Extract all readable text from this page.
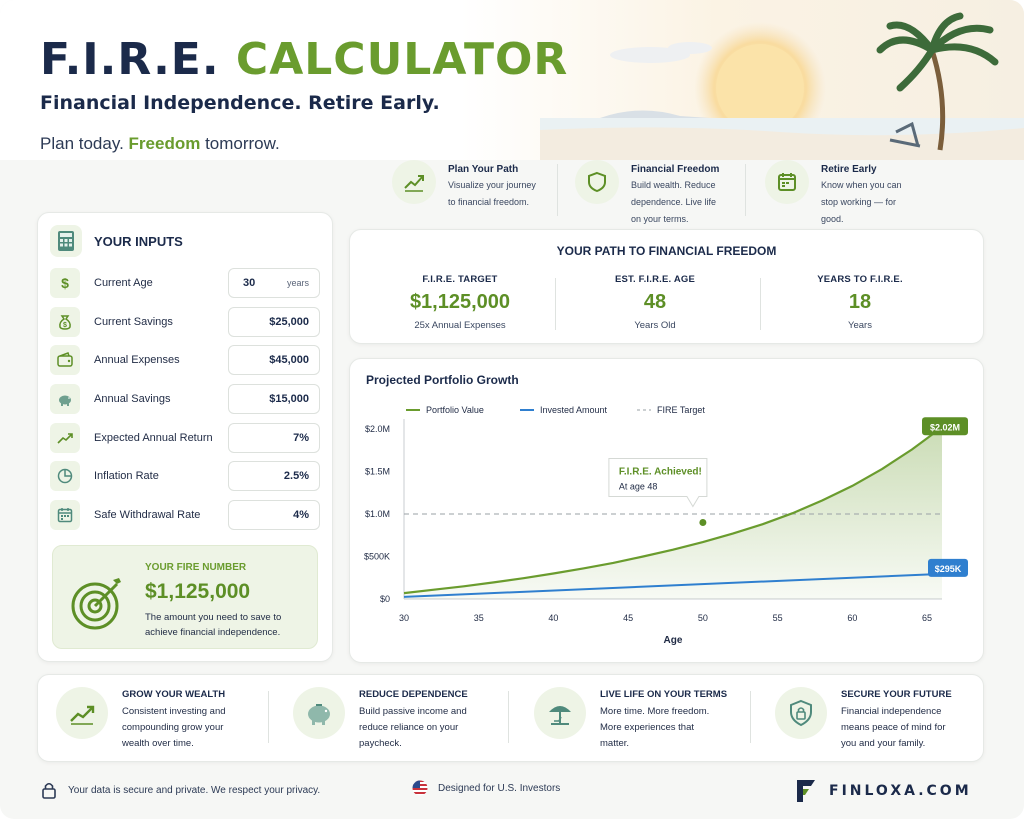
F.I.R.E. CALCULATOR
Financial Independence. Retire Early.
Plan today. Freedom tomorrow.
Plan Your Path
Visualize your journey
to financial freedom.
Financial Freedom
Build wealth. Reduce
dependence. Live life
on your terms.
Retire Early
Know when you can
stop working — for
good.
YOUR INPUTS
$ Current Age	30	years
$ Current Savings	$25,000
Annual Expenses	$45,000
Annual Savings	$15,000
Expected Annual Return	7%
Inflation Rate	2.5%
Safe Withdrawal Rate	4%
YOUR FIRE NUMBER
$1,125,000
The amount you need to save to achieve financial independence.
YOUR PATH TO FINANCIAL FREEDOM
F.I.R.E. TARGET
$1,125,000
25x Annual Expenses
EST. F.I.R.E. AGE
48
Years Old
YEARS TO F.I.R.E.
18
Years
Projected Portfolio Growth
$0
$500K
$1.0M
$1.5M
$2.0M
30	35	40	45	50	55	60	65
Age
Portfolio Value	Invested Amount	FIRE Target
$2.02M
$295K
F.I.R.E. Achieved!
At age 48
GROW YOUR WEALTH
Consistent investing and
compounding grow your
wealth over time.
REDUCE DEPENDENCE
Build passive income and
reduce reliance on your
paycheck.
LIVE LIFE ON YOUR TERMS
More time. More freedom.
More experiences that
matter.
SECURE YOUR FUTURE
Financial independence
means peace of mind for
you and your family.
Your data is secure and private. We respect your privacy.	Designed for U.S. Investors	FINLOXA.COM
